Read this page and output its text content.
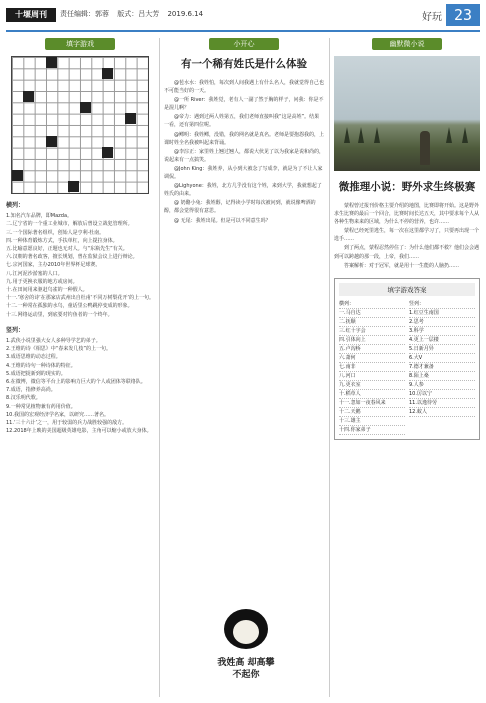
十堰周刊	责任编辑：郭蓉 版式：吕大芳 2019.6.14	好玩 23
填字游戏
横列：

1.知名汽车品牌，即Mazda。

二.辽宁省的一个重工业城市，解放后曾设立战犯管理所。

三.一个国际著名组织，创始人是亨利·杜南。

四.一种体育锻炼方式，手扶单杠，向上提拉身体。

五.比喻意愿良好，正题也无对人。与“东瓶先生”有关。

六.汉朝的著名政客，擅长规划，曾在监狱会议上进行辩论。

七.宗河国家，主办2010年世界杯足球赛。

八.江河泥沙淤塞的人口。

九.用于更换衣服的地方或房间。

十.在田间用来驱赶鸟雀的一种假人。

十一.‘寒舍的诗’在那家店武州出自杜甫‘不同万树梨花开’的上一句。

十二.一种常在孤独的水鸟，童话里公鸭跳停变成的形象。

十三.网络运动里，到底要对钓鱼者的一个终年。

竖列：

1.武侠小说里强大女人多种导学艺的弟子。

2.王维的诗《相思》中“春来发几枝”的上一句。

3.成语思维的动态过程。

4.王维的诗句一种诗体的特征。

5.成语把捉新到的现实的。

6.在微博，微信等平台上的影响力巨大的个人或团体等联络队。

7.成语，指修养高尚。

8.汉乐明代歌。

9.一种常见植物兼有药用价值。

10.我国的宏观经济学名家，以研究……著名。

11.‘三十六计’之一，用于较弱的兵力战胜较强的敌方。

12.2018年上映的美国超级英雄电影，主角可以缩小或放大身体。

小开心
有一个稀有姓氏是什么体验

@苞水水：我姓怕，每次到人间我遇上有什么名人，我就觉得自己也不可能当好的一天。

@一所 River：我姓觉，老有人一副了然于胸的样子，问我：你是不是混儿啊？

@帝力：遇到过两人姓第五，我们老师直接叫我“这是高姓”。结果一看，还有第四位呢。

@鳏明：我姓鳏，没错，我的网名就是真名。老师是要抱怨我的，上课时姓全名我被叫起来背诵。

@李淙正：家里姓上翘过翘人，都说大伙见了以为我家是说和尚的，说起来有一点搞笑。

@John King：我姓养，从小到大被念了写成李，就是为了不让人家调侃。

@Lighyone：我姓，北方几乎没有这个姓，来到大学，我就想起了姓氏的由来。

@ 奶酪小兔：我姓醇，记得读小学时每次被问到，就说像啤酒的醇，都会觉得很有意思。

@ 无尾：我姓出尾。但是可以不同意生吗？

我姓高 却高攀不起你
幽默微小说
微推理小说：野外求生终极赛

蒙程曾过报刊价格主要介绍的地图，比赛即将开始。这是野外求生比赛的最后一个回合，比赛时间长达五天，其中要求每个人从各种生物来来的区域，为什么不停的营养，也许……

蒙程已经死里逃生，每一次在这里都学习了，只要再出现一个选手……

到了两点，蒙程忍然停住了：为什么他们都不救？他们会会遇到可以跨越的那一段，上帝，我们……

答案解析：对于冠军，就是用十一生能的人脑扔……

填字游戏答案
横列：
一.马自达
二.抚顺
三.红十字会
四.引体向上
五.卢沟桥
六.萧何
七.南非
八.河口
九.更衣室
十.稻草人
十一.忽如一夜春风来
十二.天鹅
十三.雄主
十四.你家弟子
竖列：
1.红豆生南国
2.思考
3.科学
4.更上一层楼
5.日新月异
6.大V
7.德才兼备
8.陌上桑
9.人参
10.厉以宁
11.以逸待劳
12.蚁人
